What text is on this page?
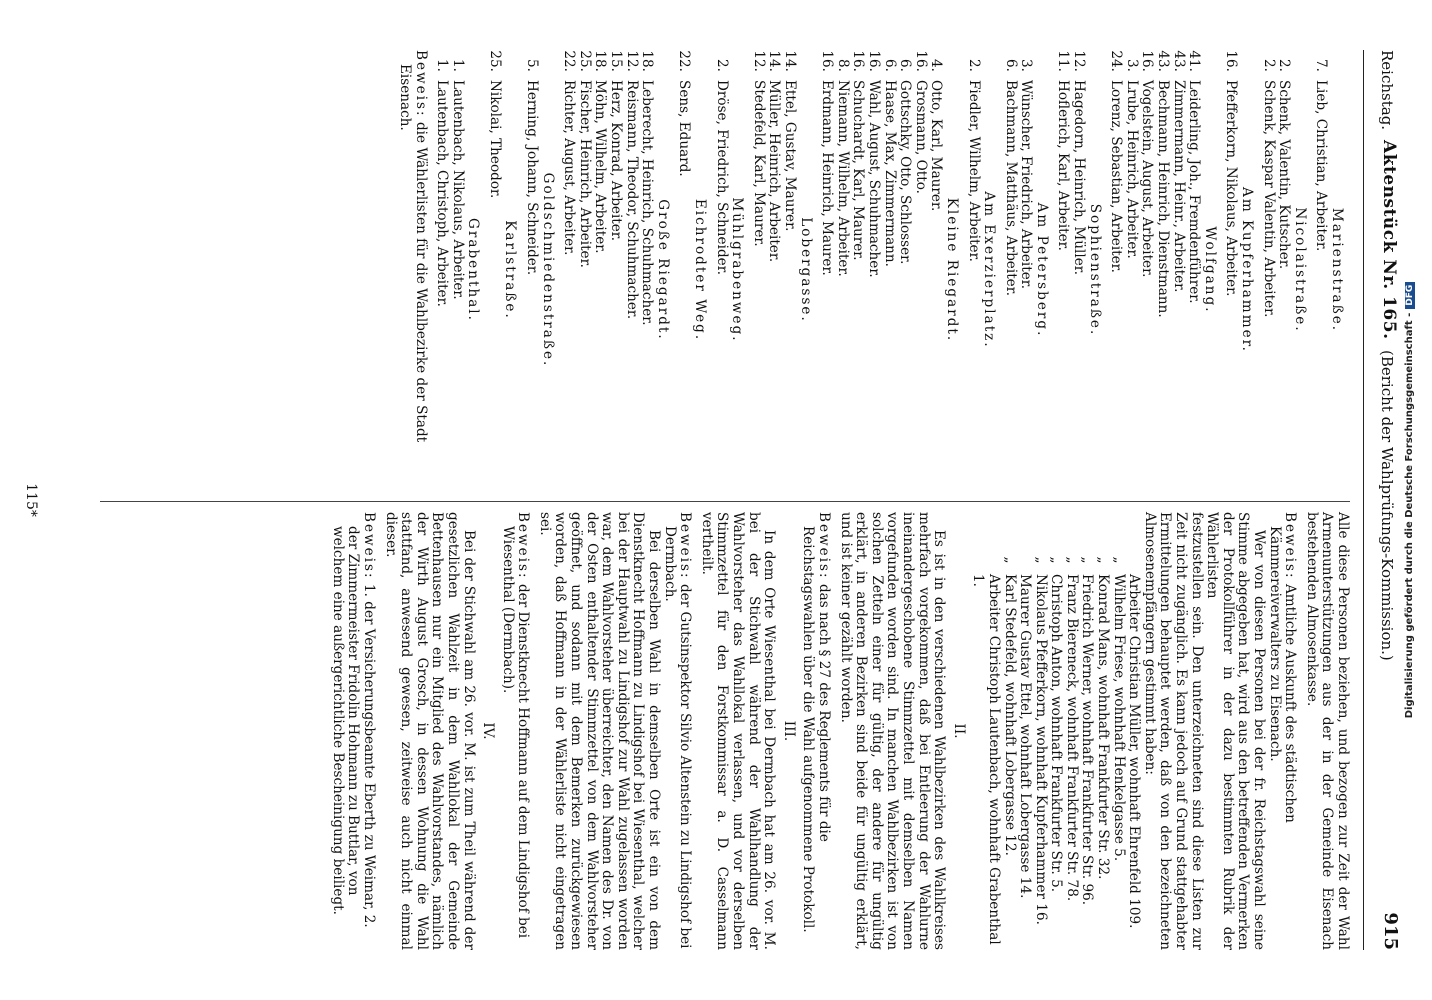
Reichstag.
Aktenstück Nr. 165.
(Bericht der Wahlprüfungs-Kommission.)
915
Marienstraße.
7.
Lieb, Christian, Arbeiter.
Nicolaistraße.
2.
Schenk, Valentin, Kutscher.
2.
Schenk, Kaspar Valentin, Arbeiter.
Am Kupferhammer.
16.
Pfefferkorn, Nikolaus, Arbeiter.
Wolfgang.
41.
Leiderling, Joh., Fremdenführer.
43.
Zimmermann, Heinr., Arbeiter.
43.
Bechmann, Heinrich, Dienstmann.
16.
Vogelstein, August, Arbeiter.
3.
Lrube, Heinrich, Arbeiter.
24.
Lorenz, Sebastian, Arbeiter.
Sophienstraße.
12.
Hagedorn, Heinrich, Müller.
11.
Hoflerich, Karl, Arbeiter.
Am Petersberg.
3.
Wünscher, Friedrich, Arbeiter.
6.
Bachmann, Matthäus, Arbeiter.
Am Exerzierplatz.
2.
Fiedler, Wilhelm, Arbeiter.
Kleine Riegardt.
4.
Otto, Karl, Maurer.
16.
Grosmann, Otto.
6.
Gottschky, Otto, Schlosser.
6.
Haase, Max, Zimmermann.
16.
Wahl, August, Schuhmacher.
16.
Schuchardt, Karl, Maurer.
8.
Niemann, Wilhelm, Arbeiter.
16.
Erdmann, Heinrich, Maurer.
Lobergasse.
14.
Ettel, Gustav, Maurer.
14.
Müller, Heinrich, Arbeiter.
12.
Stedefeld, Karl, Maurer.
Mühlgrabenweg.
2.
Dröse, Friedrich, Schneider.
Eichrodter Weg.
22.
Sens, Eduard.
Große Riegardt.
18.
Leberecht, Heinrich, Schuhmacher.
12.
Reismann, Theodor, Schuhmacher.
15.
Herz, Konrad, Arbeiter.
18.
Möhn, Wilhelm, Arbeiter.
25.
Fischer, Heinrich, Arbeiter.
22.
Richter, August, Arbeiter.
Goldschmiedenstraße.
5.
Herning, Johann, Schneider.
Karlstraße.
25.
Nikolai, Theodor.
Grabenthal.
1.
Lautenbach, Nikolaus, Arbeiter.
1.
Lautenbach, Christoph, Arbeiter.
Beweis: die Wählerlisten für die Wahlbezirke der Stadt Eisenach.

Alle diese Personen beziehen, und bezogen zur Zeit der Wahl Armenunterstützungen aus der in der Gemeinde Eisenach bestehenden Almosenkasse.

Beweis: Amtliche Auskunft des städtischen Kämmereiverwalters zu Eisenach.

Wer von diesen Personen bei der fr. Reichstagswahl seine Stimme abgegeben hat, wird aus den betreffenden Vermerken der Protokollführer in der dazu bestimmten Rubrik der Wählerlisten

festzustellen sein. Den unterzeichneten sind diese Listen zur Zeit nicht zugänglich. Es kann jedoch auf Grund stattgehabter Ermittelungen behauptet werden, daß von den bezeichneten Almosenempfängern gestimmt haben:

Arbeiter Christian Müller, wohnhaft Ehrenfeld 109.
„
Wilhelm Friese, wohnhaft Henkelgasse 5.
„
Konrad Mans, wohnhaft Frankfurter Str. 32.
„
Friedrich Werner, wohnhaft Frankfurter Str. 96.
„
Franz Biereneck, wohnhaft Frankfurter Str. 78.
„
Christoph Anton, wohnhaft Frankfurter Str. 5.
„
Nikolaus Pfefferkorn, wohnhaft Kupferhammer 16.
Maurer Gustav Ettel, wohnhaft Lobergasse 14.
„
Karl Stedefeld, wohnhaft Lobergasse 12.
Arbeiter Christoph Lautenbach, wohnhaft Grabenthal 1.
II.

Es ist in den verschiedenen Wahlbezirken des Wahlkreises mehrfach vorgekommen, daß bei Entleerung der Wahlurne ineinandergeschobene Stimmzettel mit demselben Namen vorgefunden worden sind. In manchen Wahlbezirken ist von solchen Zetteln einer für gültig, der andere für ungültig erklärt, in anderen Bezirken sind beide für ungültig erklärt, und ist keiner gezählt worden.

Beweis: das nach § 27 des Reglements für die Reichstagswahlen über die Wahl aufgenommene Protokoll.
III.

In dem Orte Wiesenthal bei Dermbach hat am 26. vor. M. bei der Stichwahl während der Wahlhandlung der Wahlvorsteher das Wahllokal verlassen, und vor derselben Stimmzettel für den Forstkommissar a. D. Casselmann vertheilt.

Beweis: der Gutsinspektor Silvio Altenstein zu Lindigshof bei Dermbach.

Bei derselben Wahl in demselben Orte ist ein von dem Dienstknecht Hoffmann zu Lindigshof bei Wiesenthal, welcher bei der Hauptwahl zu Lindigshof zur Wahl zugelassen worden war, dem Wahlvorsteher überreichter, den Namen des Dr. von der Osten enthaltender Stimmzettel von dem Wahlvorsteher geöffnet, und sodann mit dem Bemerken zurückgewiesen worden, daß Hoffmann in der Wählerliste nicht eingetragen sei.

Beweis: der Dienstknecht Hoffmann auf dem Lindigshof bei Wiesenthal (Dermbach).
IV.

Bei der Stichwahl am 26. vor. M. ist zum Theil während der gesetzlichen Wahlzeit in dem Wahllokal der Gemeinde Bettenhausen nur ein Mitglied des Wahlvorstandes, nämlich der Wirth August Grosch, in dessen Wohnung die Wahl stattfand, anwesend gewesen, zeitweise auch nicht einmal dieser.

Beweis: 1. der Versicherungsbeamte Eberth zu Weimar, 2. der Zimmermeister Fridolin Hohmann zu Buttlar, von welchem eine außergerichtliche Bescheinigung beiliegt.
115*	Digitalisierung gefördert durch die Deutsche Forschungsgemeinschaft -DFG
